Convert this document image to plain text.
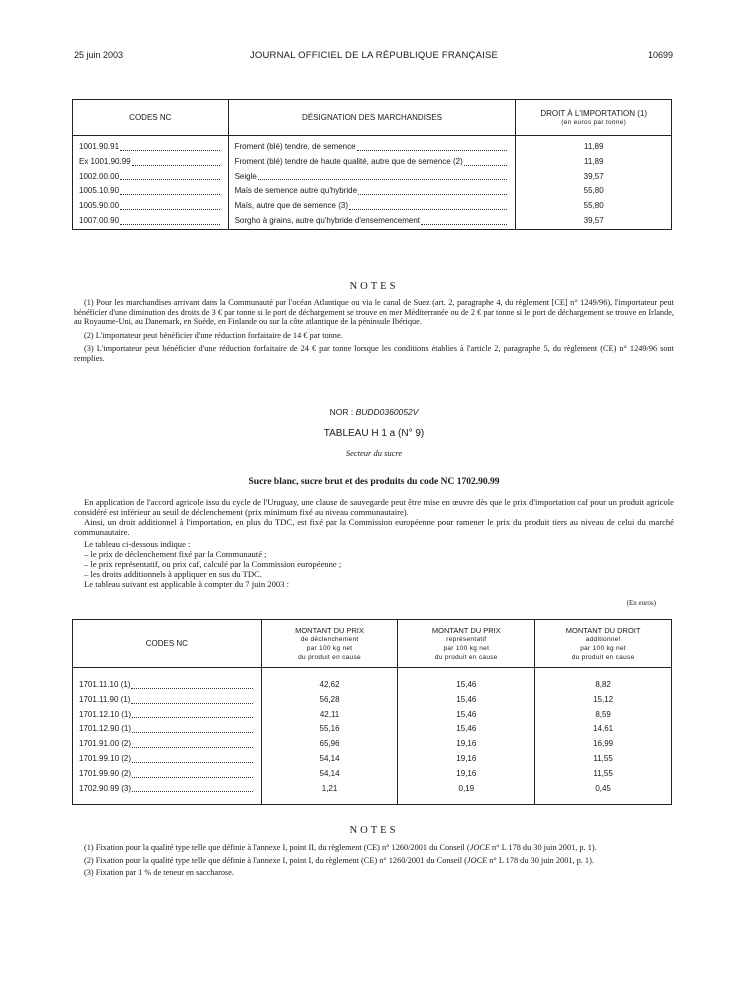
25 juin 2003	JOURNAL OFFICIEL DE LA RÉPUBLIQUE FRANÇAISE	10699
CODES NC	DÉSIGNATION DES MARCHANDISES	DROIT À L'IMPORTATION (1)
(en euros par tonne)

1001.90.91	Froment (blé) tendre, de semence	11,89

Ex 1001.90.99	Froment (blé) tendre de haute qualité, autre que de semence (2)	11,89

1002.00.00	Seigle	39,57

1005.10.90	Maïs de semence autre qu'hybride	55,80

1005.90.00	Maïs, autre que de semence (3)	55,80

1007.00.90	Sorgho à grains, autre qu'hybride d'ensemencement	39,57
NOTES

(1) Pour les marchandises arrivant dans la Communauté par l'océan Atlantique ou via le canal de Suez (art. 2, paragraphe 4, du règlement [CE] n° 1249/96), l'importateur peut bénéficier d'une diminution des droits de 3 € par tonne si le port de déchargement se trouve en mer Méditerranée ou de 2 € par tonne si le port de déchargement se trouve en Irlande, au Royaume-Uni, au Danemark, en Suède, en Finlande ou sur la côte atlantique de la péninsule Ibérique.

(2) L'importateur peut bénéficier d'une réduction forfaitaire de 14 € par tonne.

(3) L'importateur peut bénéficier d'une réduction forfaitaire de 24 € par tonne lorsque les conditions établies à l'article 2, paragraphe 5, du règlement (CE) n° 1249/96 sont remplies.

NOR : BUDD0360052V
TABLEAU H 1 a (N° 9)
Secteur du sucre
Sucre blanc, sucre brut et des produits du code NC 1702.90.99

En application de l'accord agricole issu du cycle de l'Uruguay, une clause de sauvegarde peut être mise en œuvre dès que le prix d'importation caf pour un produit agricole considéré est inférieur au seuil de déclenchement (prix minimum fixé au niveau communautaire).

Ainsi, un droit additionnel à l'importation, en plus du TDC, est fixé par la Commission européenne pour ramener le prix du produit tiers au niveau de celui du marché communautaire.

Le tableau ci-dessous indique :

– le prix de déclenchement fixé par la Communauté ;
– le prix représentatif, ou prix caf, calculé par la Commission européenne ;
– les droits additionnels à appliquer en sus du TDC.

Le tableau suivant est applicable à compter du 7 juin 2003 :

(En euros)
CODES NC	MONTANT DU PRIX
de déclenchement
par 100 kg net
du produit en cause	MONTANT DU PRIX
représentatif
par 100 kg net
du produit en cause	MONTANT DU DROIT
additionnel
par 100 kg net
du produit en cause

1701.11.10 (1)	42,62	15,46	8,82

1701.11.90 (1)	56,28	15,46	15,12

1701.12.10 (1)	42,11	15,46	8,59

1701.12.90 (1)	55,16	15,46	14,61

1701.91.00 (2)	65,96	19,16	16,99

1701.99.10 (2)	54,14	19,16	11,55

1701.99.90 (2)	54,14	19,16	11,55

1702.90.99 (3)	1,21	0,19	0,45
NOTES

(1) Fixation pour la qualité type telle que définie à l'annexe I, point II, du règlement (CE) n° 1260/2001 du Conseil (JOCE n° L 178 du 30 juin 2001, p. 1).

(2) Fixation pour la qualité type telle que définie à l'annexe I, point I, du règlement (CE) n° 1260/2001 du Conseil (JOCE n° L 178 du 30 juin 2001, p. 1).

(3) Fixation par 1 % de teneur en saccharose.
